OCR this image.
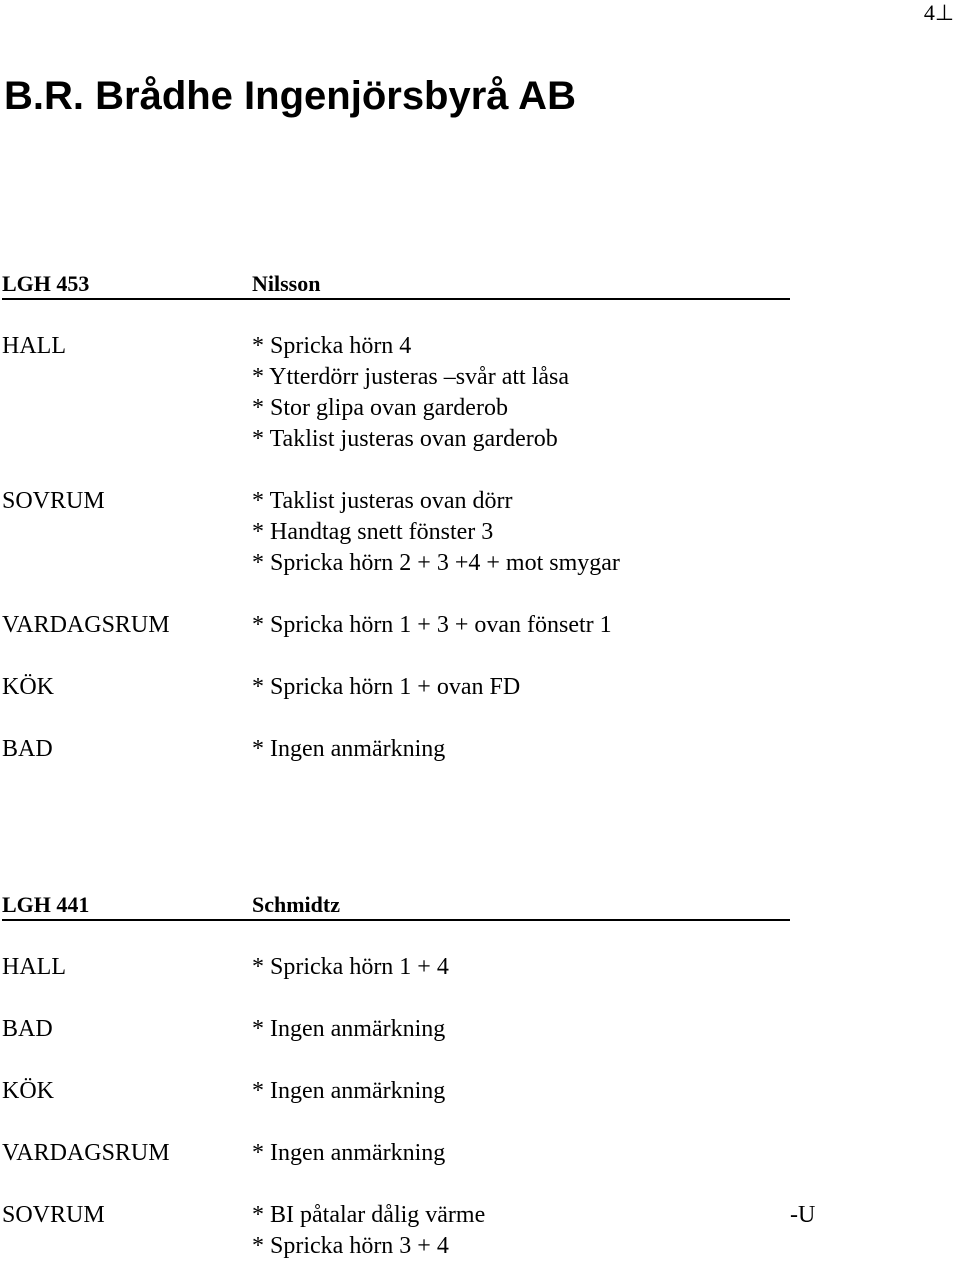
4⊥
B.R. Brådhe Ingenjörsbyrå AB
LGH 453	Nilsson
HALL	* Spricka hörn 4
* Ytterdörr justeras –svår att låsa
* Stor glipa ovan garderob
* Taklist justeras ovan garderob
SOVRUM	* Taklist justeras ovan dörr
* Handtag snett fönster 3
* Spricka hörn 2 + 3 +4 + mot smygar
VARDAGSRUM	* Spricka hörn 1 + 3 + ovan fönsetr 1
KÖK	* Spricka hörn 1 + ovan FD
BAD	* Ingen anmärkning
LGH 441	Schmidtz
HALL	* Spricka hörn 1 + 4
BAD	* Ingen anmärkning
KÖK	* Ingen anmärkning
VARDAGSRUM	* Ingen anmärkning
SOVRUM	* BI påtalar dålig värme
* Spricka hörn 3 + 4
-U
